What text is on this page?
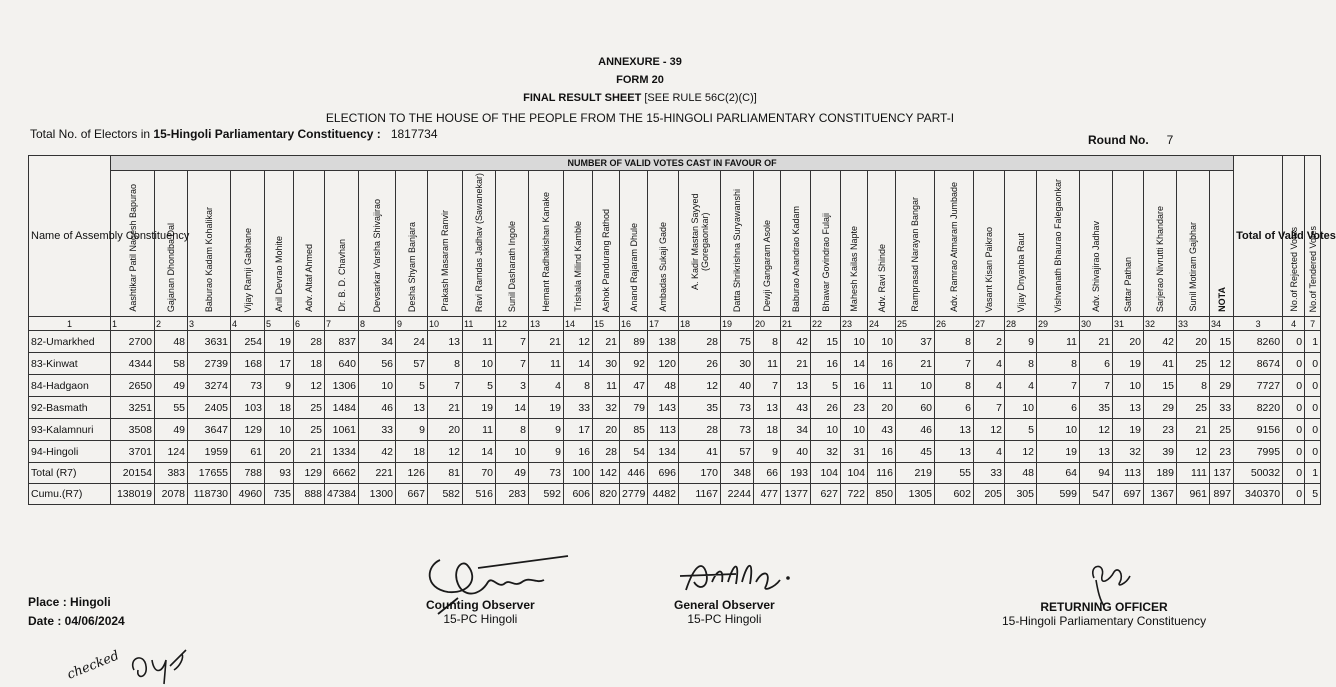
ANNEXURE - 39
FORM 20
FINAL RESULT SHEET [SEE RULE 56C(2)(C)]
ELECTION TO THE HOUSE OF THE PEOPLE FROM THE 15-HINGOLI PARLIAMENTARY CONSTITUENCY PART-I
Total No. of Electors in 15-Hingoli Parliamentary Constituency : 1817734	Round No. 7
Name of Assembly Constituency	NUMBER OF VALID VOTES CAST IN FAVOUR OF																																		Total of Valid Votes	No.of Rejected Votes	No.of Tendered Votes

	Aashtikar Patil Nagesh Bapurao	Gajanan Dhondba Dal	Baburao Kadam Kohalikar	Vijay Ramji Gabhane	Anil Devrao Mohite	Adv. Altaf Ahmed	Dr. B. D. Chavhan	Devsarkar Varsha Shivajirao	Desha Shyam Banjara	Prakash Masaram Ranvir	Ravi Ramdas Jadhav (Sawanekar)	Sunil Dasharath Ingole	Hemant Radhakishan Kanake	Trishala Milind Kamble	Ashok Pandurang Rathod	Anand Rajaram Dhule	Ambadas Sukaji Gade	A. Kadir Mastan Sayyed (Goregaonkar)	Datta Shrikrishna Suryawanshi	Dewji Gangaram Asole	Baburao Anandrao Kadam	Bhawar Govindrao Fulaji	Mahesh Kailas Napte	Adv. Ravi Shinde	Ramprasad Narayan Bangar	Adv. Ramrao Atmaram Jumbade	Vasant Kisan Paikrao	Vijay Dnyanba Raut	Vishvanath Bhaurao Falegaonkar	Adv. Shivajirao Jadhav	Sattar Pathan	Sarjerao Nivrutti Khandare	Sunil Motiram Gajbhar	NOTA			

1	1	2	3	4	5	6	7	8	9	10	11	12	13	14	15	16	17	18	19	20	21	22	23	24	25	26	27	28	29	30	31	32	33	34	3	4	7
82-Umarkhed	2700	48	3631	254	19	28	837	34	24	13	11	7	21	12	21	89	138	28	75	8	42	15	10	10	37	8	2	9	11	21	20	42	20	15	8260	0	1
83-Kinwat	4344	58	2739	168	17	18	640	56	57	8	10	7	11	14	30	92	120	26	30	11	21	16	14	16	21	7	4	8	8	6	19	41	25	12	8674	0	0
84-Hadgaon	2650	49	3274	73	9	12	1306	10	5	7	5	3	4	8	11	47	48	12	40	7	13	5	16	11	10	8	4	4	7	7	10	15	8	29	7727	0	0
92-Basmath	3251	55	2405	103	18	25	1484	46	13	21	19	14	19	33	32	79	143	35	73	13	43	26	23	20	60	6	7	10	6	35	13	29	25	33	8220	0	0
93-Kalamnuri	3508	49	3647	129	10	25	1061	33	9	20	11	8	9	17	20	85	113	28	73	18	34	10	10	43	46	13	12	5	10	12	19	23	21	25	9156	0	0
94-Hingoli	3701	124	1959	61	20	21	1334	42	18	12	14	10	9	16	28	54	134	41	57	9	40	32	31	16	45	13	4	12	19	13	32	39	12	23	7995	0	0
Total (R7)	20154	383	17655	788	93	129	6662	221	126	81	70	49	73	100	142	446	696	170	348	66	193	104	104	116	219	55	33	48	64	94	113	189	111	137	50032	0	1
Cumu.(R7)	138019	2078	118730	4960	735	888	47384	1300	667	582	516	283	592	606	820	2779	4482	1167	2244	477	1377	627	722	850	1305	602	205	305	599	547	697	1367	961	897	340370	0	5
Place : Hingoli
Date : 04/06/2024
Counting Observer
15-PC Hingoli
General Observer
15-PC Hingoli
RETURNING OFFICER
15-Hingoli Parliamentary Constituency
checked
